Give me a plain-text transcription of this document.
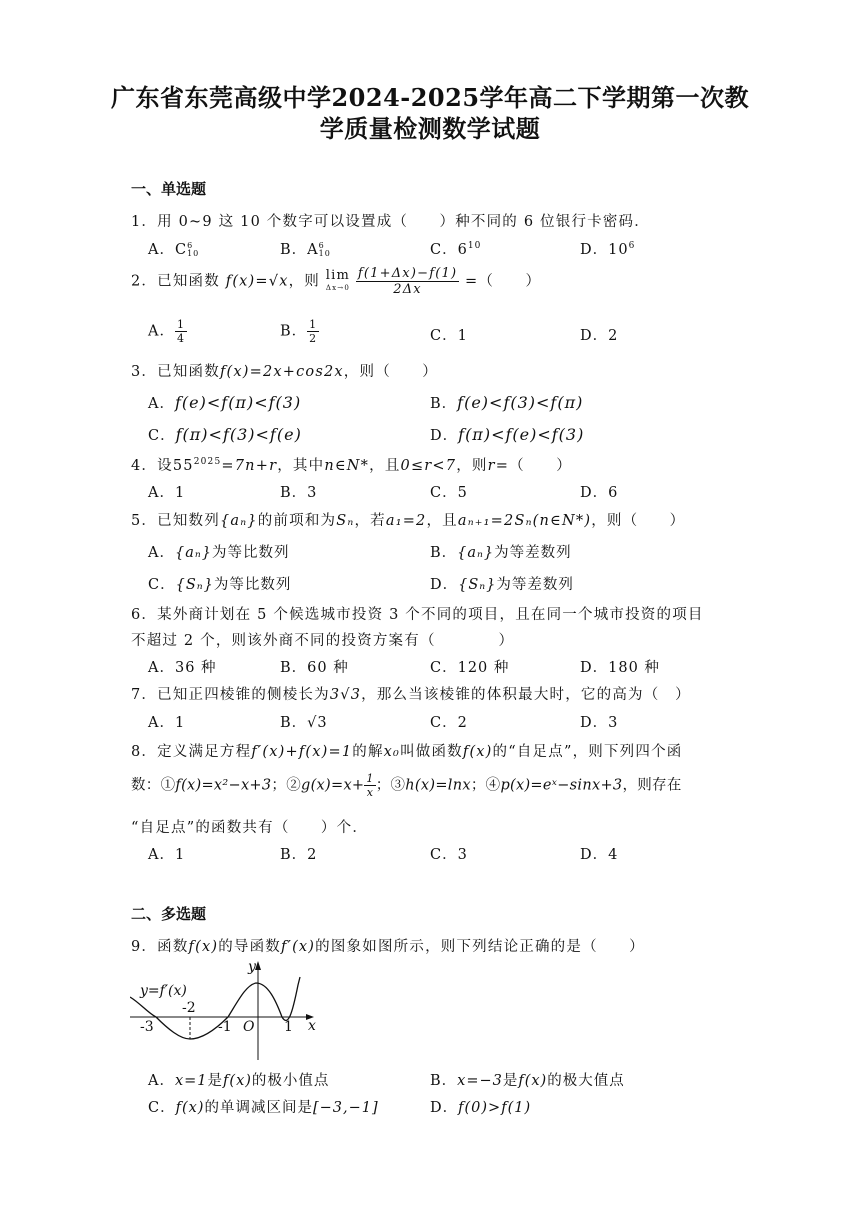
广东省东莞高级中学2024-2025学年高二下学期第一次教
学质量检测数学试题
一、单选题
1．用 0~9 这 10 个数字可以设置成（　　）种不同的 6 位银行卡密码．
A．C6
10	B．A6
10	C．$6^{10}$	D．$10^6$
2．已知函数 f(x)=√x，则 lim
$\Delta x\to 0 \frac{f(1+\Delta x)-f(1)}{2\Delta x}$ =（　　）
A． $\frac{1}{4}$	B． $\frac{1}{2}$	C．1	D．2
3．已知函数f(x)=2x+cos2x，则（　　）
A．f(e)<f(π)<f(3)	B．f(e)<f(3)<f(π)
C．f(π)<f(3)<f(e)	D．f(π)<f(e)<f(3)
4．设$55^{2025}=7n+r$，其中n∈N*，且0≤r<7，则r=（　　）
A．1	B．3	C．5	D．6
5．已知数列{aₙ}的前项和为Sₙ，若a₁=2，且aₙ₊₁=2Sₙ(n∈N*)，则（　　）
A．{aₙ}为等比数列	B．{aₙ}为等差数列
C．{Sₙ}为等比数列	D．{Sₙ}为等差数列
6．某外商计划在 5 个候选城市投资 3 个不同的项目，且在同一个城市投资的项目
不超过 2 个，则该外商不同的投资方案有（　　　　）
A．36 种	B．60 种	C．120 种	D．180 种
7．已知正四棱锥的侧棱长为3√3，那么当该棱锥的体积最大时，它的高为（　）
A．1	B．√3	C．2	D．3
8．定义满足方程f′(x)+f(x)=1的解x₀叫做函数f(x)的“自足点”，则下列四个函
数：①f(x)=x²−x+3；②g(x)=x+ $\frac{1}{x}$ ；③h(x)=lnx；④p(x)=eˣ−sinx+3，则存在
“自足点”的函数共有（　　）个．
A．1	B．2	C．3	D．4
二、多选题
9．函数f(x)的导函数f′(x)的图象如图所示，则下列结论正确的是（　　）
y=f′(x)
y
x
-3
-2
-1 O 1
A．x=1是f(x)的极小值点	B．x=−3是f(x)的极大值点
C．f(x)的单调减区间是[−3,−1]	D．f(0)>f(1)
